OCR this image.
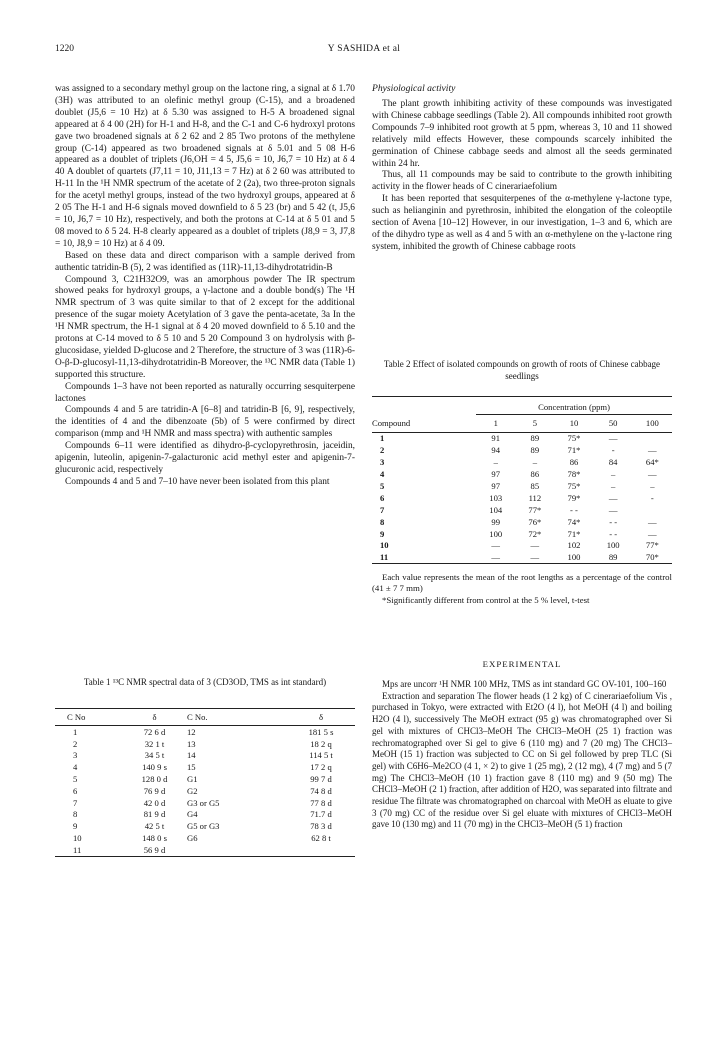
1220	Y SASHIDA et al

was assigned to a secondary methyl group on the lactone ring, a signal at δ 1.70 (3H) was attributed to an olefinic methyl group (C-15), and a broadened doublet (J5,6 = 10 Hz) at δ 5.30 was assigned to H-5 A broadened signal appeared at δ 4 00 (2H) for H-1 and H-8, and the C-1 and C-6 hydroxyl protons gave two broadened signals at δ 2 62 and 2 85 Two protons of the methylene group (C-14) appeared as two broadened signals at δ 5.01 and 5 08 H-6 appeared as a doublet of triplets (J6,OH = 4 5, J5,6 = 10, J6,7 = 10 Hz) at δ 4 40 A doublet of quartets (J7,11 = 10, J11,13 = 7 Hz) at δ 2 60 was attributed to H-11 In the ¹H NMR spectrum of the acetate of 2 (2a), two three-proton signals for the acetyl methyl groups, instead of the two hydroxyl groups, appeared at δ 2 05 The H-1 and H-6 signals moved downfield to δ 5 23 (br) and 5 42 (t, J5,6 = 10, J6,7 = 10 Hz), respectively, and both the protons at C-14 at δ 5 01 and 5 08 moved to δ 5 24. H-8 clearly appeared as a doublet of triplets (J8,9 = 3, J7,8 = 10, J8,9 = 10 Hz) at δ 4 09.

Based on these data and direct comparison with a sample derived from authentic tatridin-B (5), 2 was identified as (11R)-11,13-dihydrotatridin-B

Compound 3, C21H32O9, was an amorphous powder The IR spectrum showed peaks for hydroxyl groups, a γ-lactone and a double bond(s) The ¹H NMR spectrum of 3 was quite similar to that of 2 except for the additional presence of the sugar moiety Acetylation of 3 gave the penta-acetate, 3a In the ¹H NMR spectrum, the H-1 signal at δ 4 20 moved downfield to δ 5.10 and the protons at C-14 moved to δ 5 10 and 5 20 Compound 3 on hydrolysis with β-glucosidase, yielded D-glucose and 2 Therefore, the structure of 3 was (11R)-6-O-β-D-glucosyl-11,13-dihydrotatridin-B Moreover, the ¹³C NMR data (Table 1) supported this structure.

Compounds 1–3 have not been reported as naturally occurring sesquiterpene lactones

Compounds 4 and 5 are tatridin-A [6–8] and tatridin-B [6, 9], respectively, the identities of 4 and the dibenzoate (5b) of 5 were confirmed by direct comparison (mmp and ¹H NMR and mass spectra) with authentic samples

Compounds 6–11 were identified as dihydro-β-cyclopyrethrosin, jaceidin, apigenin, luteolin, apigenin-7-galacturonic acid methyl ester and apigenin-7-glucuronic acid, respectively

Compounds 4 and 5 and 7–10 have never been isolated from this plant

Physiological activity

The plant growth inhibiting activity of these compounds was investigated with Chinese cabbage seedlings (Table 2). All compounds inhibited root growth Compounds 7–9 inhibited root growth at 5 ppm, whereas 3, 10 and 11 showed relatively mild effects However, these compounds scarcely inhibited the germination of Chinese cabbage seeds and almost all the seeds germinated within 24 hr.

Thus, all 11 compounds may be said to contribute to the growth inhibiting activity in the flower heads of C cinerariaefolium

It has been reported that sesquiterpenes of the α-methylene γ-lactone type, such as helianginin and pyrethrosin, inhibited the elongation of the coleoptile section of Avena [10–12] However, in our investigation, 1–3 and 6, which are of the dihydro type as well as 4 and 5 with an α-methylene on the γ-lactone ring system, inhibited the growth of Chinese cabbage roots

Table 2 Effect of isolated compounds on growth of roots of Chinese cabbage seedlings

	Concentration (ppm)				
Compound	1	5	10	50	100
1	91	89	75*	—	
2	94	89	71*	-	—
3	–	–	86	84	64*
4	97	86	78*	–	—
5	97	85	75*	–	–
6	103	112	79*	—	-
7	104	77*	- -	—	
8	99	76*	74*	- -	—
9	100	72*	71*	- -	—
10	—	—	102	100	77*
11	—	—	100	89	70*

Each value represents the mean of the root lengths as a percentage of the control (41 ± 7 7 mm)
*Significantly different from control at the 5 % level, t-test
Table 1 ¹³C NMR spectral data of 3 (CD3OD, TMS as int standard)
C No	δ	C No.	δ
1	72 6 d	12	181 5 s
2	32 1 t	13	18 2 q
3	34 5 t	14	114 5 t
4	140 9 s	15	17 2 q
5	128 0 d	G1	99 7 d
6	76 9 d	G2	74 8 d
7	42 0 d	G3 or G5	77 8 d
8	81 9 d	G4	71.7 d
9	42 5 t	G5 or G3	78 3 d
10	148 0 s	G6	62 8 t
11	56 9 d		

EXPERIMENTAL

Mps are uncorr ¹H NMR 100 MHz, TMS as int standard GC OV-101, 100–160

Extraction and separation The flower heads (1 2 kg) of C cinerariaefolium Vis , purchased in Tokyo, were extracted with Et2O (4 l), hot MeOH (4 l) and boiling H2O (4 l), successively The MeOH extract (95 g) was chromatographed over Si gel with mixtures of CHCl3–MeOH The CHCl3–MeOH (25 1) fraction was rechromatographed over Si gel to give 6 (110 mg) and 7 (20 mg) The CHCl3–MeOH (15 1) fraction was subjected to CC on Si gel followed by prep TLC (Si gel) with C6H6–Me2CO (4 1, × 2) to give 1 (25 mg), 2 (12 mg), 4 (7 mg) and 5 (7 mg) The CHCl3–MeOH (10 1) fraction gave 8 (110 mg) and 9 (50 mg) The CHCl3–MeOH (2 1) fraction, after addition of H2O, was separated into filtrate and residue The filtrate was chromatographed on charcoal with MeOH as eluate to give 3 (70 mg) CC of the residue over Si gel eluate with mixtures of CHCl3–MeOH gave 10 (130 mg) and 11 (70 mg) in the CHCl3–MeOH (5 1) fraction
